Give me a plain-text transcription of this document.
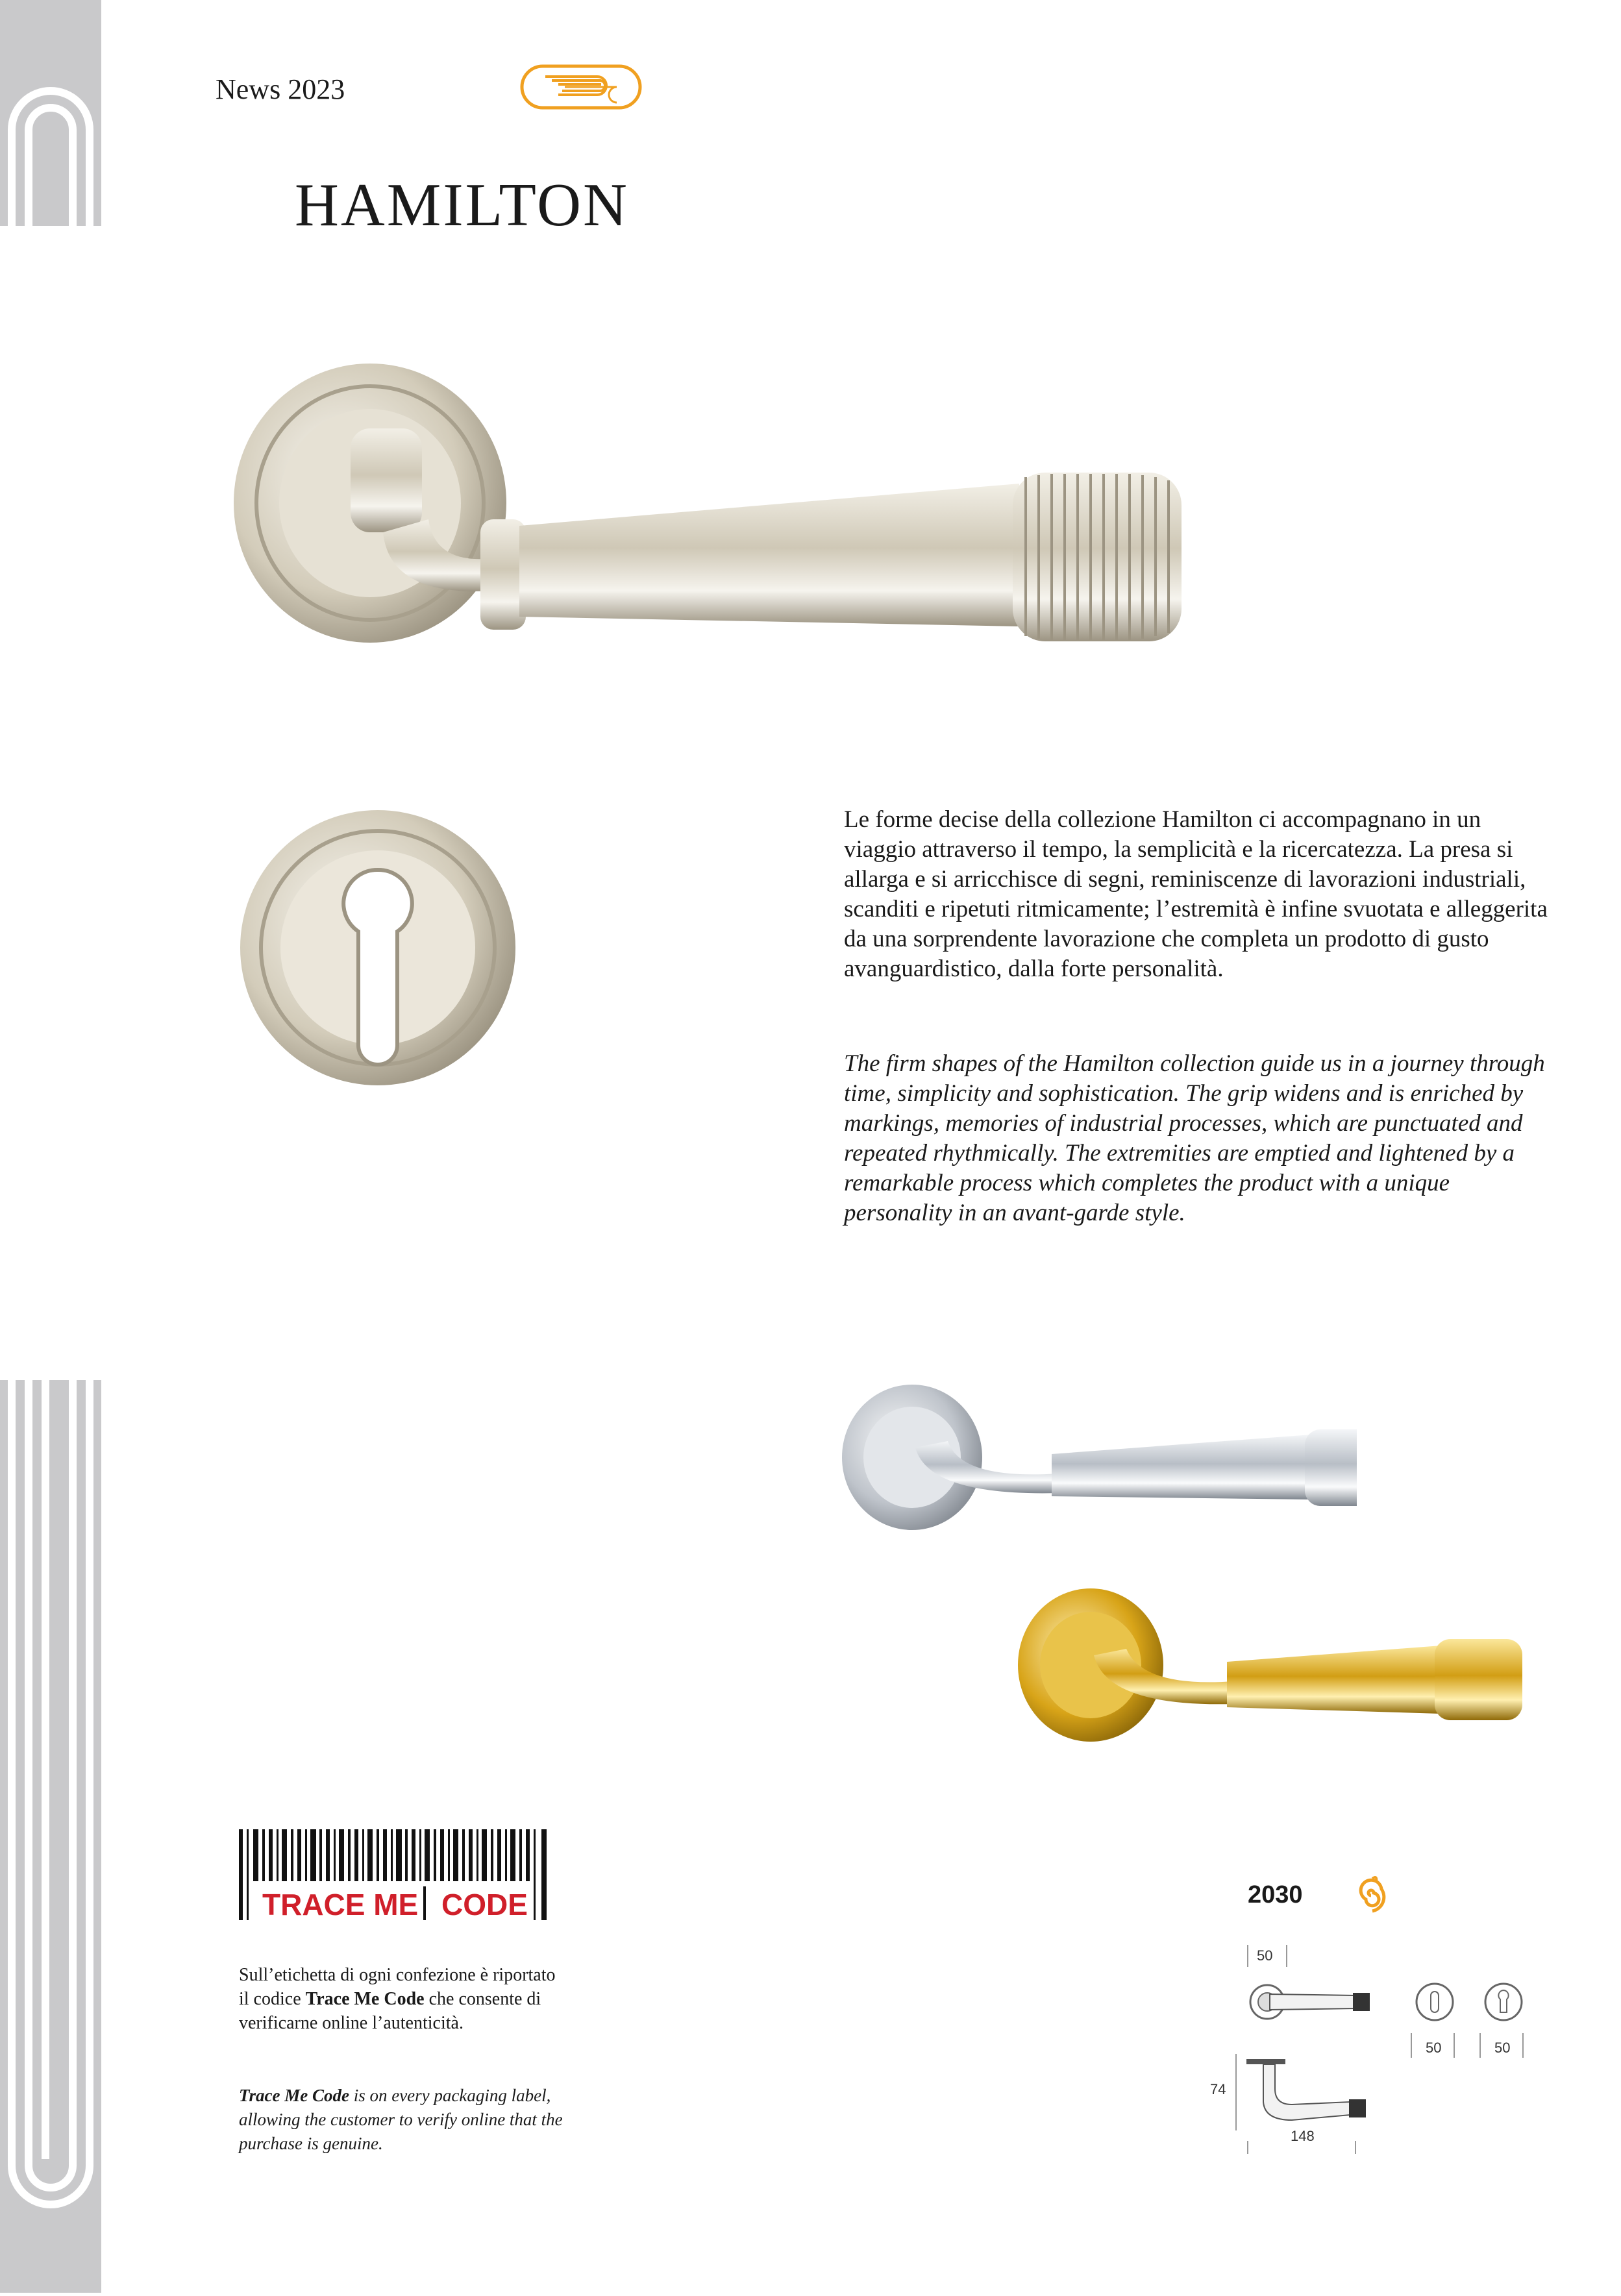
News 2023
HAMILTON
Le forme decise della collezione Hamilton ci accompagnano in un viaggio attraverso il tempo, la semplicità e la ricercatezza. La presa si allarga e si arricchisce di segni, reminiscenze di lavorazioni industriali, scanditi e ripetuti ritmicamente; l’estremità è infine svuotata e alleggerita da una sorprendente lavorazione che completa un prodotto di gusto avanguardistico, dalla forte personalità.
The firm shapes of the Hamilton collection guide us in a journey through time, simplicity and sophistication. The grip widens and is enriched by markings, memories of industrial processes, which are punctuated and repeated rhythmically. The extremities are emptied and lightened by a remarkable process which completes the product with a unique personality in an avant-garde style.
TRACE ME CODE
Sull’etichetta di ogni confezione è riportato il codice Trace Me Code che consente di verificarne online l’autenticità.
Trace Me Code is on every packaging label, allowing the customer to verify online that the purchase is genuine.
2030
50
50	50
74
148
